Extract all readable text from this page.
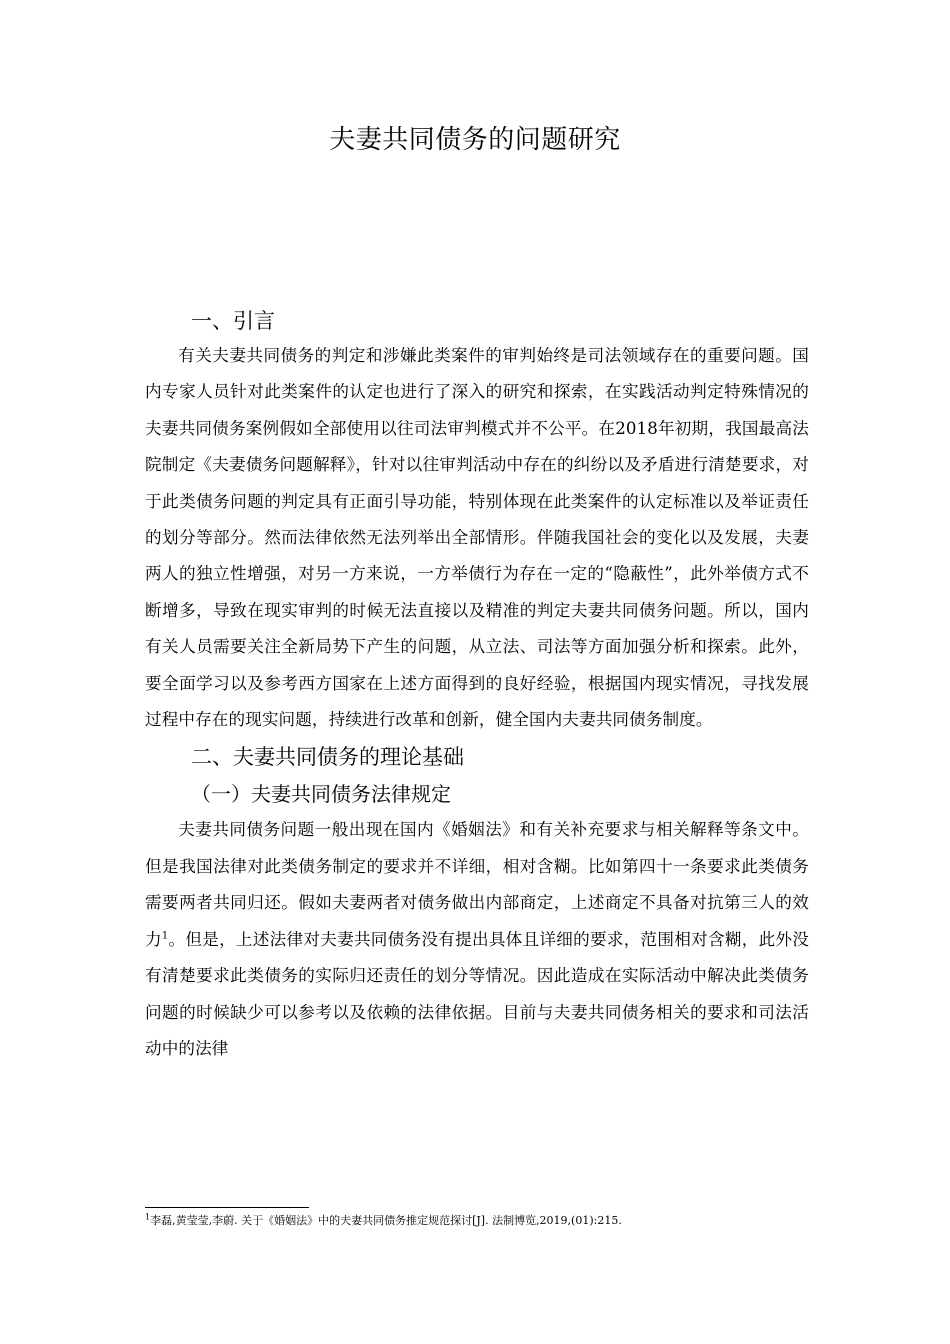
夫妻共同债务的问题研究
一、引言

有关夫妻共同债务的判定和涉嫌此类案件的审判始终是司法领域存在的重要问题。国内专家人员针对此类案件的认定也进行了深入的研究和探索，在实践活动判定特殊情况的夫妻共同债务案例假如全部使用以往司法审判模式并不公平。在2018年初期，我国最高法院制定《夫妻债务问题解释》，针对以往审判活动中存在的纠纷以及矛盾进行清楚要求，对于此类债务问题的判定具有正面引导功能，特别体现在此类案件的认定标准以及举证责任的划分等部分。然而法律依然无法列举出全部情形。伴随我国社会的变化以及发展，夫妻两人的独立性增强，对另一方来说，一方举债行为存在一定的“隐蔽性”，此外举债方式不断增多，导致在现实审判的时候无法直接以及精准的判定夫妻共同债务问题。所以，国内有关人员需要关注全新局势下产生的问题，从立法、司法等方面加强分析和探索。此外，要全面学习以及参考西方国家在上述方面得到的良好经验，根据国内现实情况，寻找发展过程中存在的现实问题，持续进行改革和创新，健全国内夫妻共同债务制度。

二、夫妻共同债务的理论基础
（一）夫妻共同债务法律规定

夫妻共同债务问题一般出现在国内《婚姻法》和有关补充要求与相关解释等条文中。但是我国法律对此类债务制定的要求并不详细，相对含糊。比如第四十一条要求此类债务需要两者共同归还。假如夫妻两者对债务做出内部商定，上述商定不具备对抗第三人的效力$^1$。但是，上述法律对夫妻共同债务没有提出具体且详细的要求，范围相对含糊，此外没有清楚要求此类债务的实际归还责任的划分等情况。因此造成在实际活动中解决此类债务问题的时候缺少可以参考以及依赖的法律依据。目前与夫妻共同债务相关的要求和司法活动中的法律

$^1$李磊,黄莹莹,李蔚. 关于《婚姻法》中的夫妻共同债务推定规范探讨[J]. 法制博览,2019,(01):215.
